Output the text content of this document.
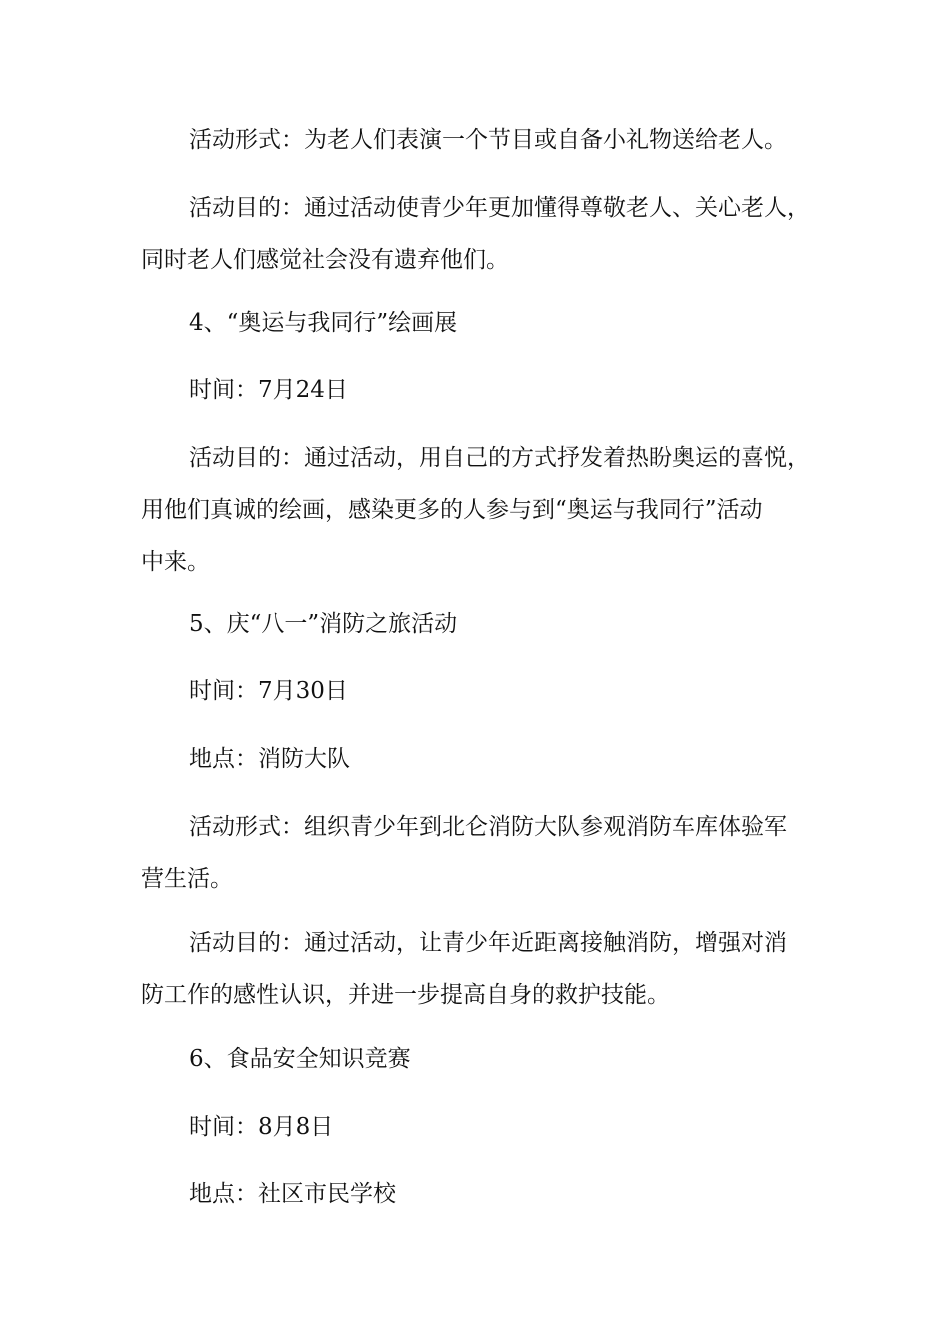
活动形式：为老人们表演一个节目或自备小礼物送给老人。

活动目的：通过活动使青少年更加懂得尊敬老人、关心老人，
同时老人们感觉社会没有遗弃他们。

4、“奥运与我同行”绘画展

时间：7月24日

活动目的：通过活动，用自己的方式抒发着热盼奥运的喜悦，
用他们真诚的绘画，感染更多的人参与到“奥运与我同行”活动
中来。

5、庆“八一”消防之旅活动

时间：7月30日

地点：消防大队

活动形式：组织青少年到北仑消防大队参观消防车库体验军
营生活。

活动目的：通过活动，让青少年近距离接触消防，增强对消
防工作的感性认识，并进一步提高自身的救护技能。

6、食品安全知识竞赛

时间：8月8日

地点：社区市民学校
